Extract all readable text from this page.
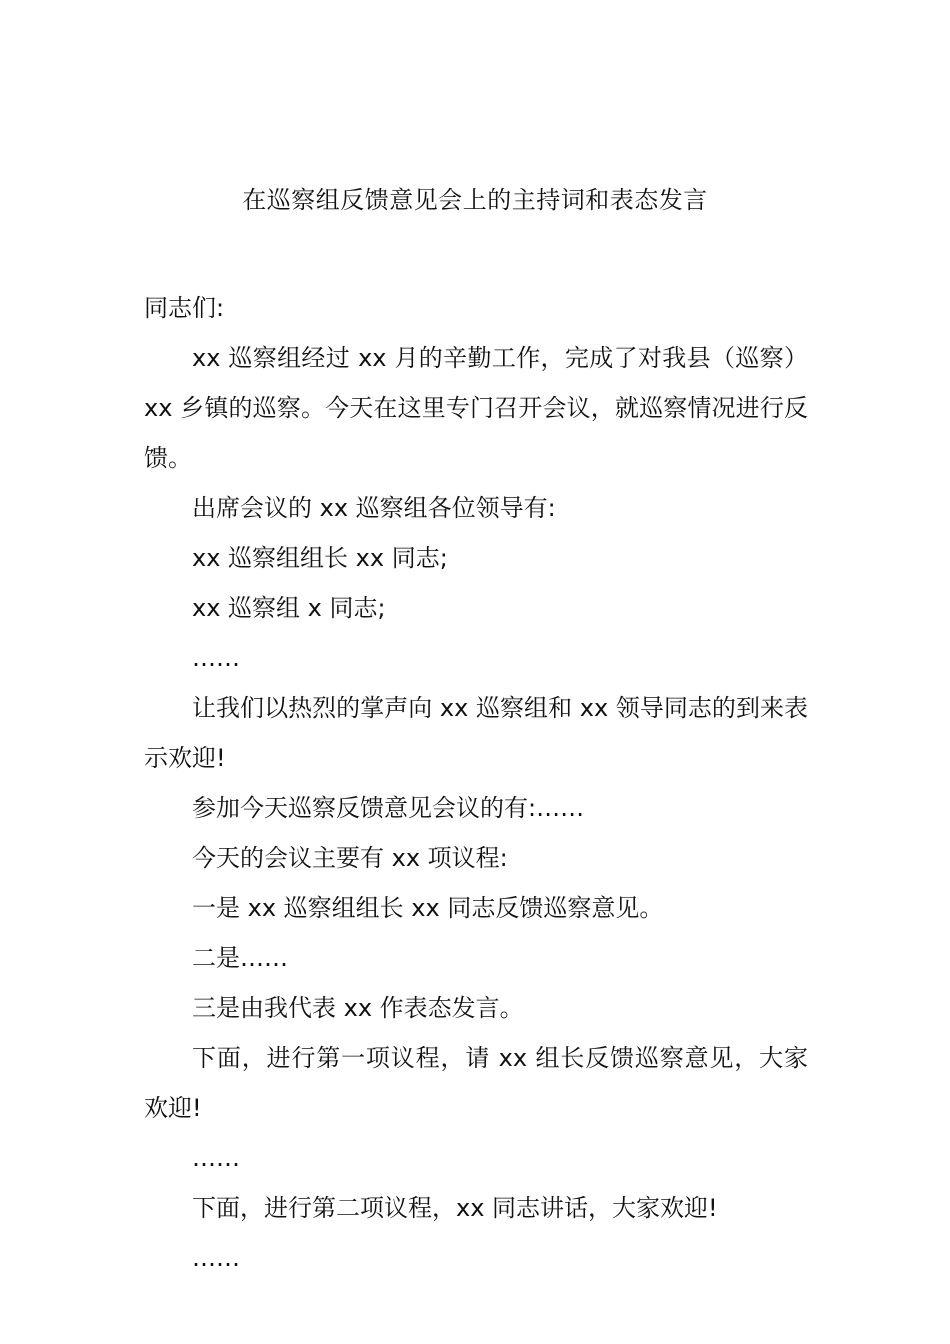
在巡察组反馈意见会上的主持词和表态发言

同志们:

xx 巡察组经过 xx 月的辛勤工作，完成了对我县（巡察）xx 乡镇的巡察。今天在这里专门召开会议，就巡察情况进行反馈。

出席会议的 xx 巡察组各位领导有:

xx 巡察组组长 xx 同志;

xx 巡察组 x 同志;

……

让我们以热烈的掌声向 xx 巡察组和 xx 领导同志的到来表示欢迎!

参加今天巡察反馈意见会议的有:……

今天的会议主要有 xx 项议程:

一是 xx 巡察组组长 xx 同志反馈巡察意见。

二是……

三是由我代表 xx 作表态发言。

下面，进行第一项议程，请 xx 组长反馈巡察意见，大家欢迎!

……

下面，进行第二项议程，xx 同志讲话，大家欢迎!

……
